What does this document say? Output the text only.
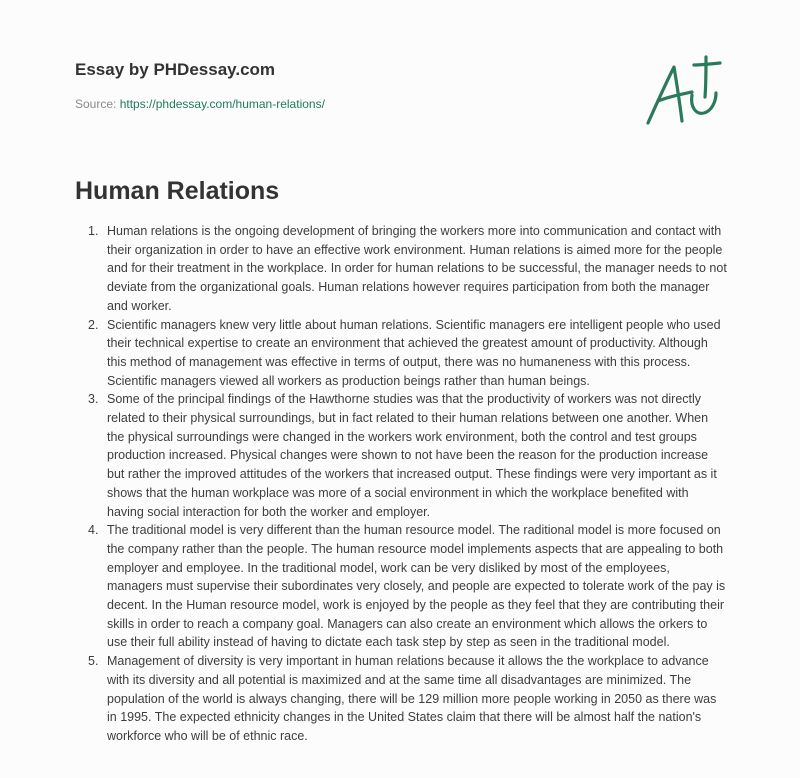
Essay by PHDessay.com
Source: https://phdessay.com/human-relations/
Human Relations
1. Human relations is the ongoing development of bringing the workers more into communication and contact with their organization in order to have an effective work environment. Human relations is aimed more for the people and for their treatment in the workplace. In order for human relations to be successful, the manager needs to not deviate from the organizational goals. Human relations however requires participation from both the manager and worker.
2. Scientific managers knew very little about human relations. Scientific managers ere intelligent people who used their technical expertise to create an environment that achieved the greatest amount of productivity. Although this method of management was effective in terms of output, there was no humaneness with this process. Scientific managers viewed all workers as production beings rather than human beings.
3. Some of the principal findings of the Hawthorne studies was that the productivity of workers was not directly related to their physical surroundings, but in fact related to their human relations between one another. When the physical surroundings were changed in the workers work environment, both the control and test groups production increased. Physical changes were shown to not have been the reason for the production increase but rather the improved attitudes of the workers that increased output. These findings were very important as it shows that the human workplace was more of a social environment in which the workplace benefited with having social interaction for both the worker and employer.
4. The traditional model is very different than the human resource model. The raditional model is more focused on the company rather than the people. The human resource model implements aspects that are appealing to both employer and employee. In the traditional model, work can be very disliked by most of the employees, managers must supervise their subordinates very closely, and people are expected to tolerate work of the pay is decent. In the Human resource model, work is enjoyed by the people as they feel that they are contributing their skills in order to reach a company goal. Managers can also create an environment which allows the orkers to use their full ability instead of having to dictate each task step by step as seen in the traditional model.
5. Management of diversity is very important in human relations because it allows the the workplace to advance with its diversity and all potential is maximized and at the same time all disadvantages are minimized. The population of the world is always changing, there will be 129 million more people working in 2050 as there was in 1995. The expected ethnicity changes in the United States claim that there will be almost half the nation's workforce who will be of ethnic race.
